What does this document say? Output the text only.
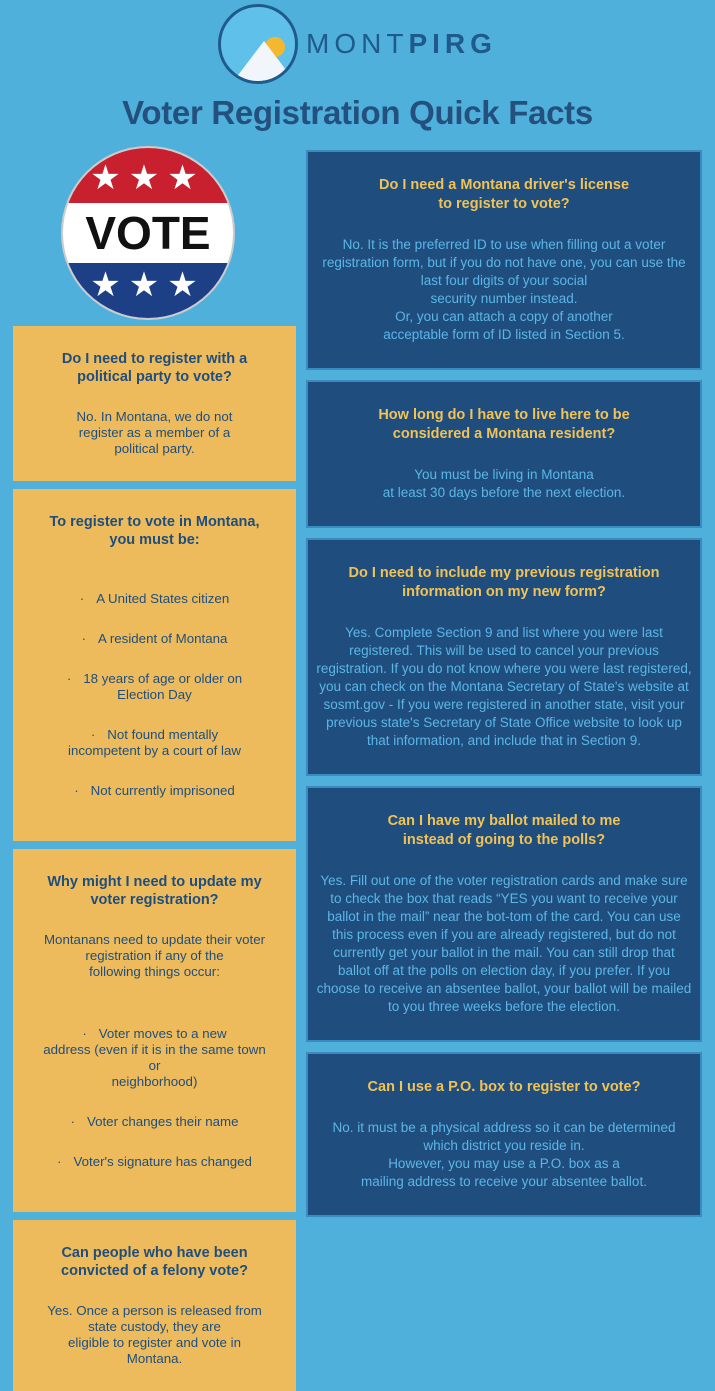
MONTPIRG
Voter Registration Quick Facts
★★★
VOTE
★★★

Do I need a Montana driver's license
to register to vote?

No. It is the preferred ID to use when filling out a voter registration form, but if you do not have one, you can use the last four digits of your social
security number instead.
Or, you can attach a copy of another
acceptable form of ID listed in Section 5.

How long do I have to live here to be
considered a Montana resident?

You must be living in Montana
at least 30 days before the next election.

Do I need to include my previous registration
information on my new form?

Yes. Complete Section 9 and list where you were last registered. This will be used to cancel your previous registration. If you do not know where you were last registered, you can check on the Montana Secretary of State's website at sosmt.gov - If you were registered in another state, visit your previous state's Secretary of State Office website to look up that information, and include that in Section 9.

Can I have my ballot mailed to me
instead of going to the polls?

Yes. Fill out one of the voter registration cards and make sure to check the box that reads “YES you want to receive your ballot in the mail” near the bot-tom of the card. You can use this process even if you are already registered, but do not currently get your ballot in the mail. You can still drop that ballot off at the polls on election day, if you prefer. If you choose to receive an absentee ballot, your ballot will be mailed to you three weeks before the election.

Can I use a P.O. box to register to vote?

No. it must be a physical address so it can be determined which district you reside in.
However, you may use a P.O. box as a
mailing address to receive your absentee ballot.

Do I need to register with a
political party to vote?

No. In Montana, we do not
register as a member of a
political party.

To register to vote in Montana,
you must be:

· A United States citizen

· A resident of Montana

· 18 years of age or older on
Election Day

· Not found mentally
incompetent by a court of law

· Not currently imprisoned

Why might I need to update my
voter registration?

Montanans need to update their voter
registration if any of the
following things occur:

· Voter moves to a new
address (even if it is in the same town
or
neighborhood)

· Voter changes their name

· Voter's signature has changed

Can people who have been
convicted of a felony vote?

Yes. Once a person is released from
state custody, they are
eligible to register and vote in
Montana.
